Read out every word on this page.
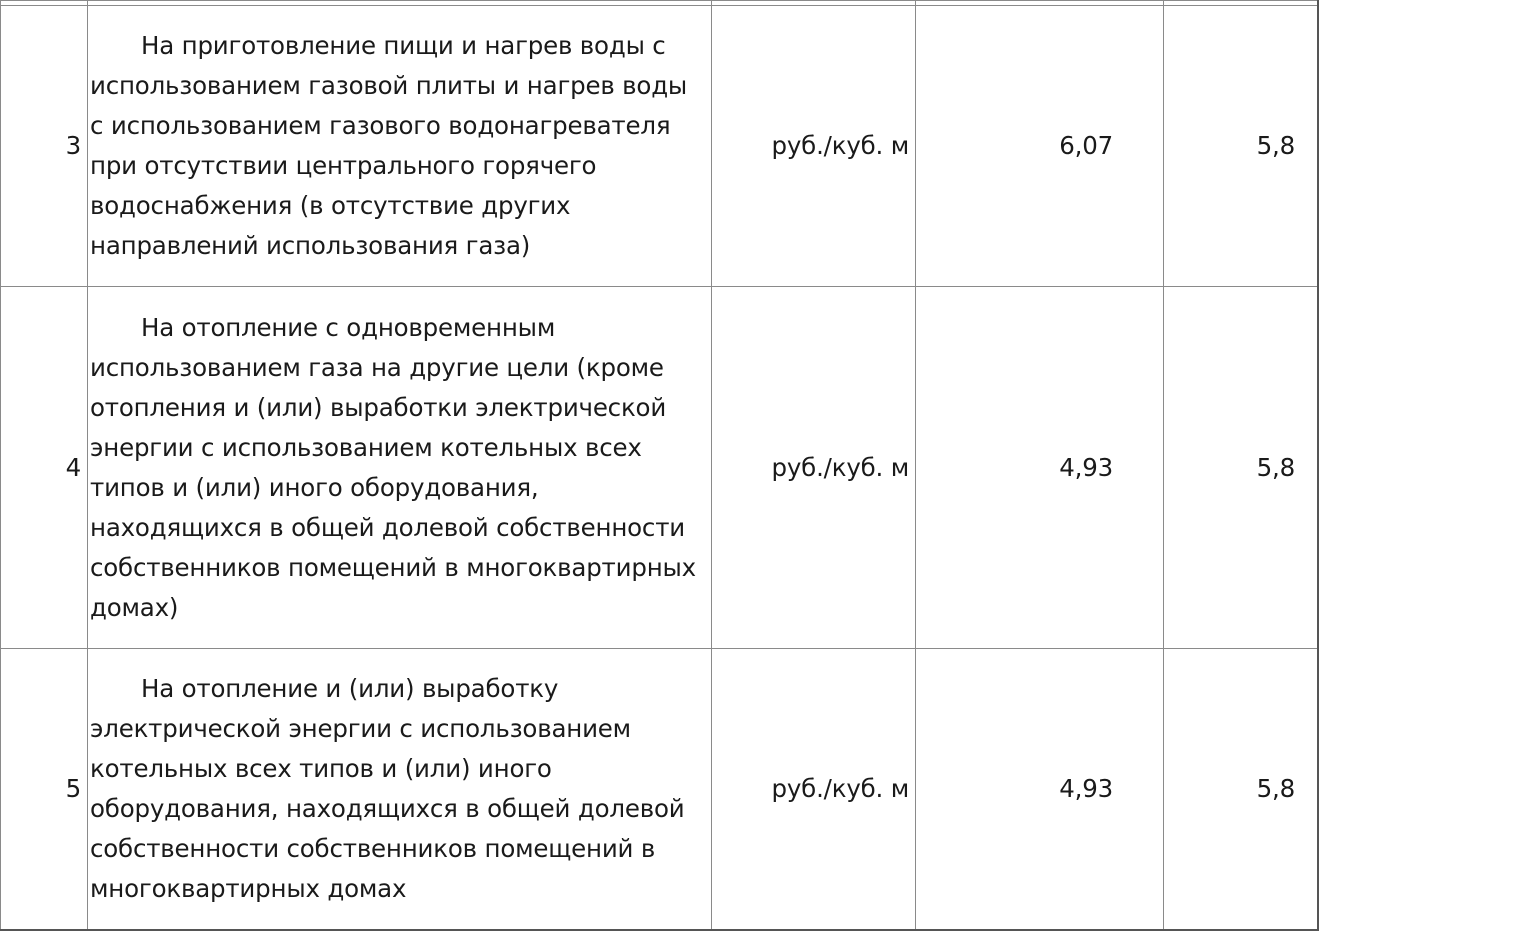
3	На приготовление пищи и нагрев воды с использованием газовой плиты и нагрев воды с использованием газового водонагревателя при отсутствии центрального горячего водоснабжения (в отсутствие других направлений использования газа)	руб./куб. м	6,07	5,8
4	На отопление с одновременным использованием газа на другие цели (кроме отопления и (или) выработки электрической энергии с использованием котельных всех типов и (или) иного оборудования, находящихся в общей долевой собственности собственников помещений в многоквартирных домах)	руб./куб. м	4,93	5,8
5	На отопление и (или) выработку электрической энергии с использованием котельных всех типов и (или) иного оборудования, находящихся в общей долевой собственности собственников помещений в многоквартирных домах	руб./куб. м	4,93	5,8
